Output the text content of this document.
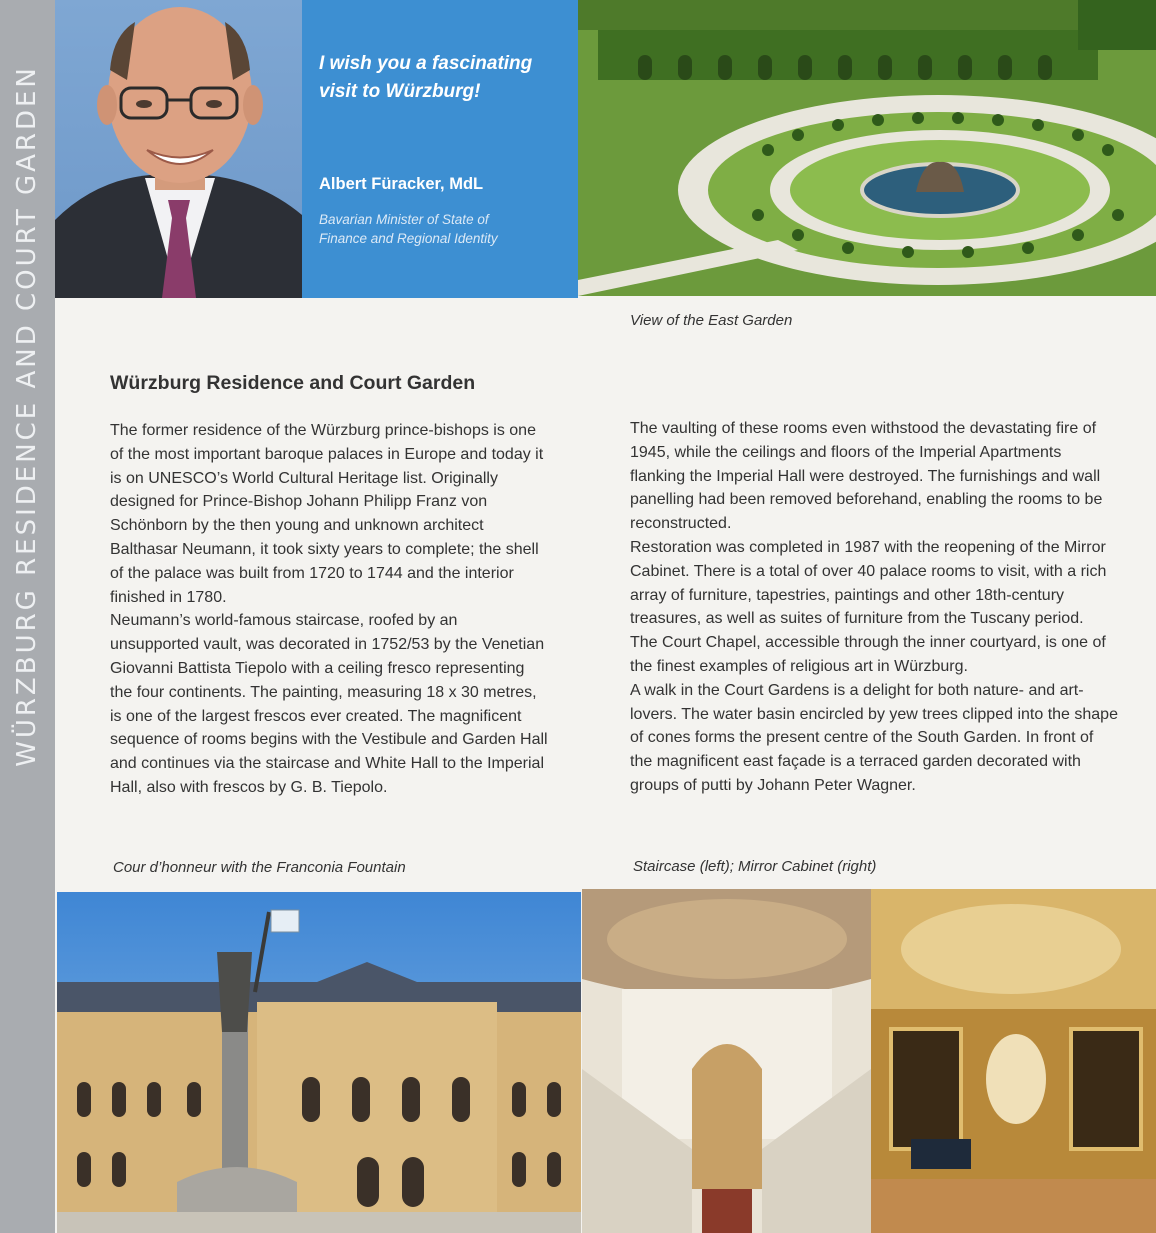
WÜRZBURG RESIDENCE AND COURT GARDEN
I wish you a fascinating visit to Würzburg!
Albert Füracker, MdL
Bavarian Minister of State of
Finance and Regional Identity
View of the East Garden
Würzburg Residence and Court Garden

The former residence of the Würzburg prince-bishops is one of the most important baroque palaces in Europe and today it is on UNESCO’s World Cultural Heritage list. Originally designed for Prince-Bishop Johann Philipp Franz von Schönborn by the then young and unknown architect Balthasar Neumann, it took sixty years to complete; the shell of the palace was built from 1720 to 1744 and the interior finished in 1780.

Neumann’s world-famous staircase, roofed by an unsupported vault, was decorated in 1752/53 by the Venetian Giovanni Battista Tiepolo with a ceiling fresco representing the four continents. The painting, measuring 18 x 30 metres, is one of the largest frescos ever created. The magnificent sequence of rooms begins with the Vestibule and Garden Hall and continues via the staircase and White Hall to the Imperial Hall, also with frescos by G. B. Tiepolo.

The vaulting of these rooms even withstood the devastating fire of 1945, while the ceilings and floors of the Imperial Apartments flanking the Imperial Hall were destroyed. The furnishings and wall panelling had been removed beforehand, enabling the rooms to be reconstructed.

Restoration was completed in 1987 with the reopening of the Mirror Cabinet. There is a total of over 40 palace rooms to visit, with a rich array of furniture, tapestries, paintings and other 18th-century treasures, as well as suites of furniture from the Tuscany period.

The Court Chapel, accessible through the inner courtyard, is one of the finest examples of religious art in Würzburg.

A walk in the Court Gardens is a delight for both nature- and art-lovers. The water basin encircled by yew trees clipped into the shape of cones forms the present centre of the South Garden. In front of the magnificent east façade is a terraced garden decorated with groups of putti by Johann Peter Wagner.

Cour d’honneur with the Franconia Fountain	Staircase (left); Mirror Cabinet (right)
